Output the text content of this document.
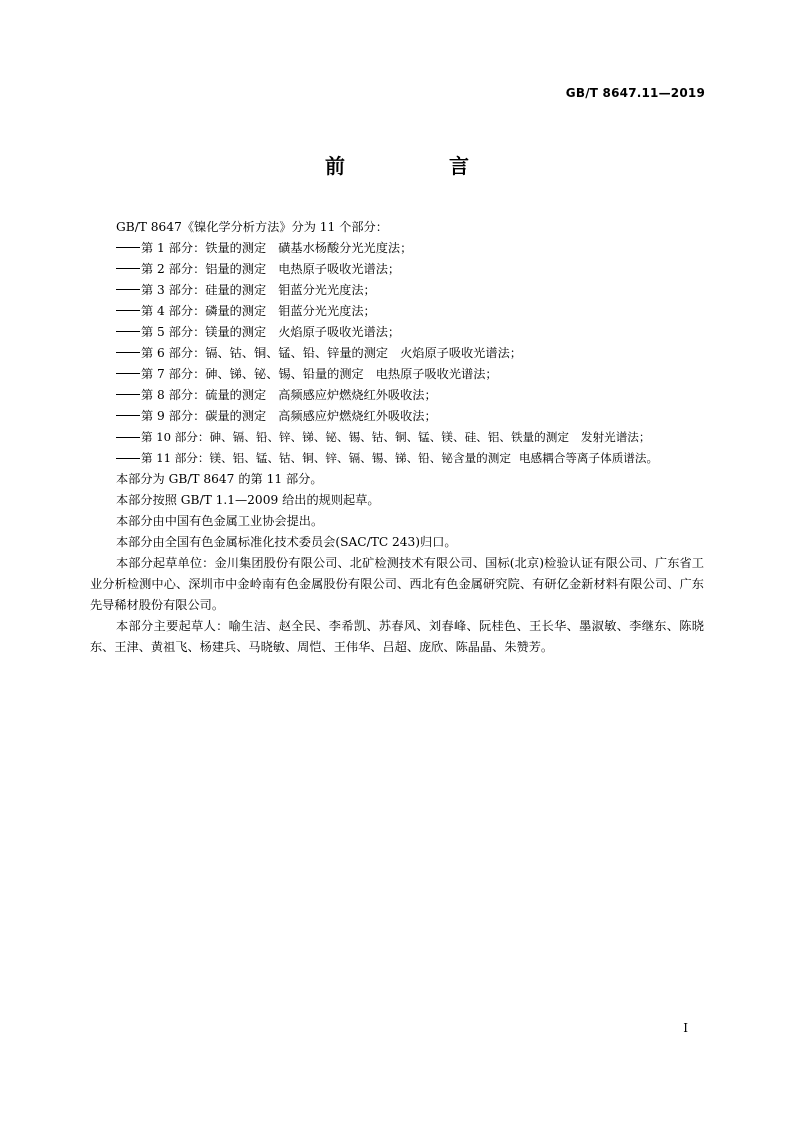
GB/T 8647.11—2019
前　言
GB/T 8647《镍化学分析方法》分为 11 个部分：
第 1 部分：铁量的测定 磺基水杨酸分光光度法；
第 2 部分：铝量的测定 电热原子吸收光谱法；
第 3 部分：硅量的测定 钼蓝分光光度法；
第 4 部分：磷量的测定 钼蓝分光光度法；
第 5 部分：镁量的测定 火焰原子吸收光谱法；
第 6 部分：镉、钴、铜、锰、铅、锌量的测定 火焰原子吸收光谱法；
第 7 部分：砷、锑、铋、锡、铅量的测定 电热原子吸收光谱法；
第 8 部分：硫量的测定 高频感应炉燃烧红外吸收法；
第 9 部分：碳量的测定 高频感应炉燃烧红外吸收法；
第 10 部分：砷、镉、铅、锌、锑、铋、锡、钴、铜、锰、镁、硅、铝、铁量的测定 发射光谱法；
第 11 部分：镁、铝、锰、钴、铜、锌、镉、锡、锑、铅、铋含量的测定 电感耦合等离子体质谱法。
本部分为 GB/T 8647 的第 11 部分。
本部分按照 GB/T 1.1—2009 给出的规则起草。
本部分由中国有色金属工业协会提出。
本部分由全国有色金属标准化技术委员会(SAC/TC 243)归口。
本部分起草单位：金川集团股份有限公司、北矿检测技术有限公司、国标(北京)检验认证有限公司、广东省工业分析检测中心、深圳市中金岭南有色金属股份有限公司、西北有色金属研究院、有研亿金新材料有限公司、广东先导稀材股份有限公司。
本部分主要起草人：喻生洁、赵全民、李希凯、苏春风、刘春峰、阮桂色、王长华、墨淑敏、李继东、陈晓东、王津、黄祖飞、杨建兵、马晓敏、周恺、王伟华、吕超、庞欣、陈晶晶、朱赞芳。
I
